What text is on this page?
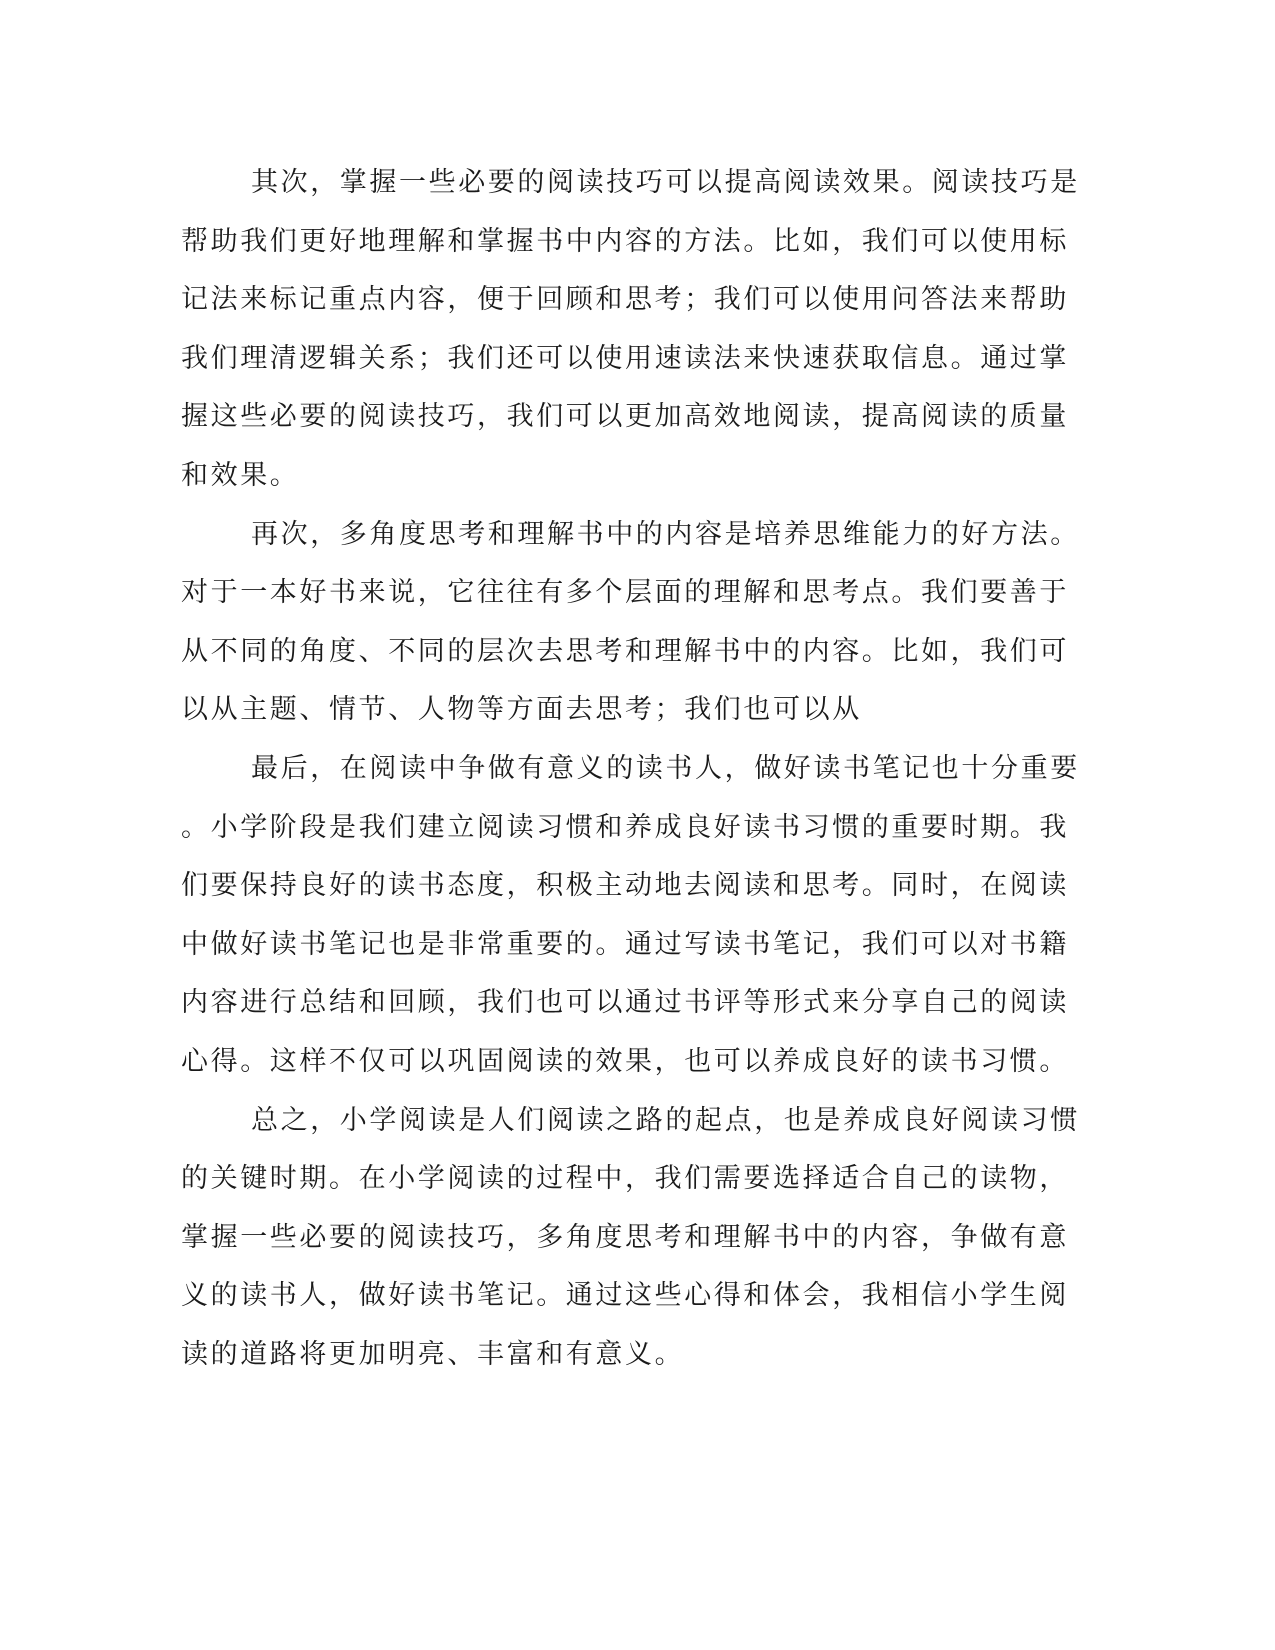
其次，掌握一些必要的阅读技巧可以提高阅读效果。阅读技巧是
帮助我们更好地理解和掌握书中内容的方法。比如，我们可以使用标
记法来标记重点内容，便于回顾和思考；我们可以使用问答法来帮助
我们理清逻辑关系；我们还可以使用速读法来快速获取信息。通过掌
握这些必要的阅读技巧，我们可以更加高效地阅读，提高阅读的质量
和效果。
再次，多角度思考和理解书中的内容是培养思维能力的好方法。
对于一本好书来说，它往往有多个层面的理解和思考点。我们要善于
从不同的角度、不同的层次去思考和理解书中的内容。比如，我们可
以从主题、情节、人物等方面去思考；我们也可以从
最后，在阅读中争做有意义的读书人，做好读书笔记也十分重要
。小学阶段是我们建立阅读习惯和养成良好读书习惯的重要时期。我
们要保持良好的读书态度，积极主动地去阅读和思考。同时，在阅读
中做好读书笔记也是非常重要的。通过写读书笔记，我们可以对书籍
内容进行总结和回顾，我们也可以通过书评等形式来分享自己的阅读
心得。这样不仅可以巩固阅读的效果，也可以养成良好的读书习惯。
总之，小学阅读是人们阅读之路的起点，也是养成良好阅读习惯
的关键时期。在小学阅读的过程中，我们需要选择适合自己的读物，
掌握一些必要的阅读技巧，多角度思考和理解书中的内容，争做有意
义的读书人，做好读书笔记。通过这些心得和体会，我相信小学生阅
读的道路将更加明亮、丰富和有意义。
